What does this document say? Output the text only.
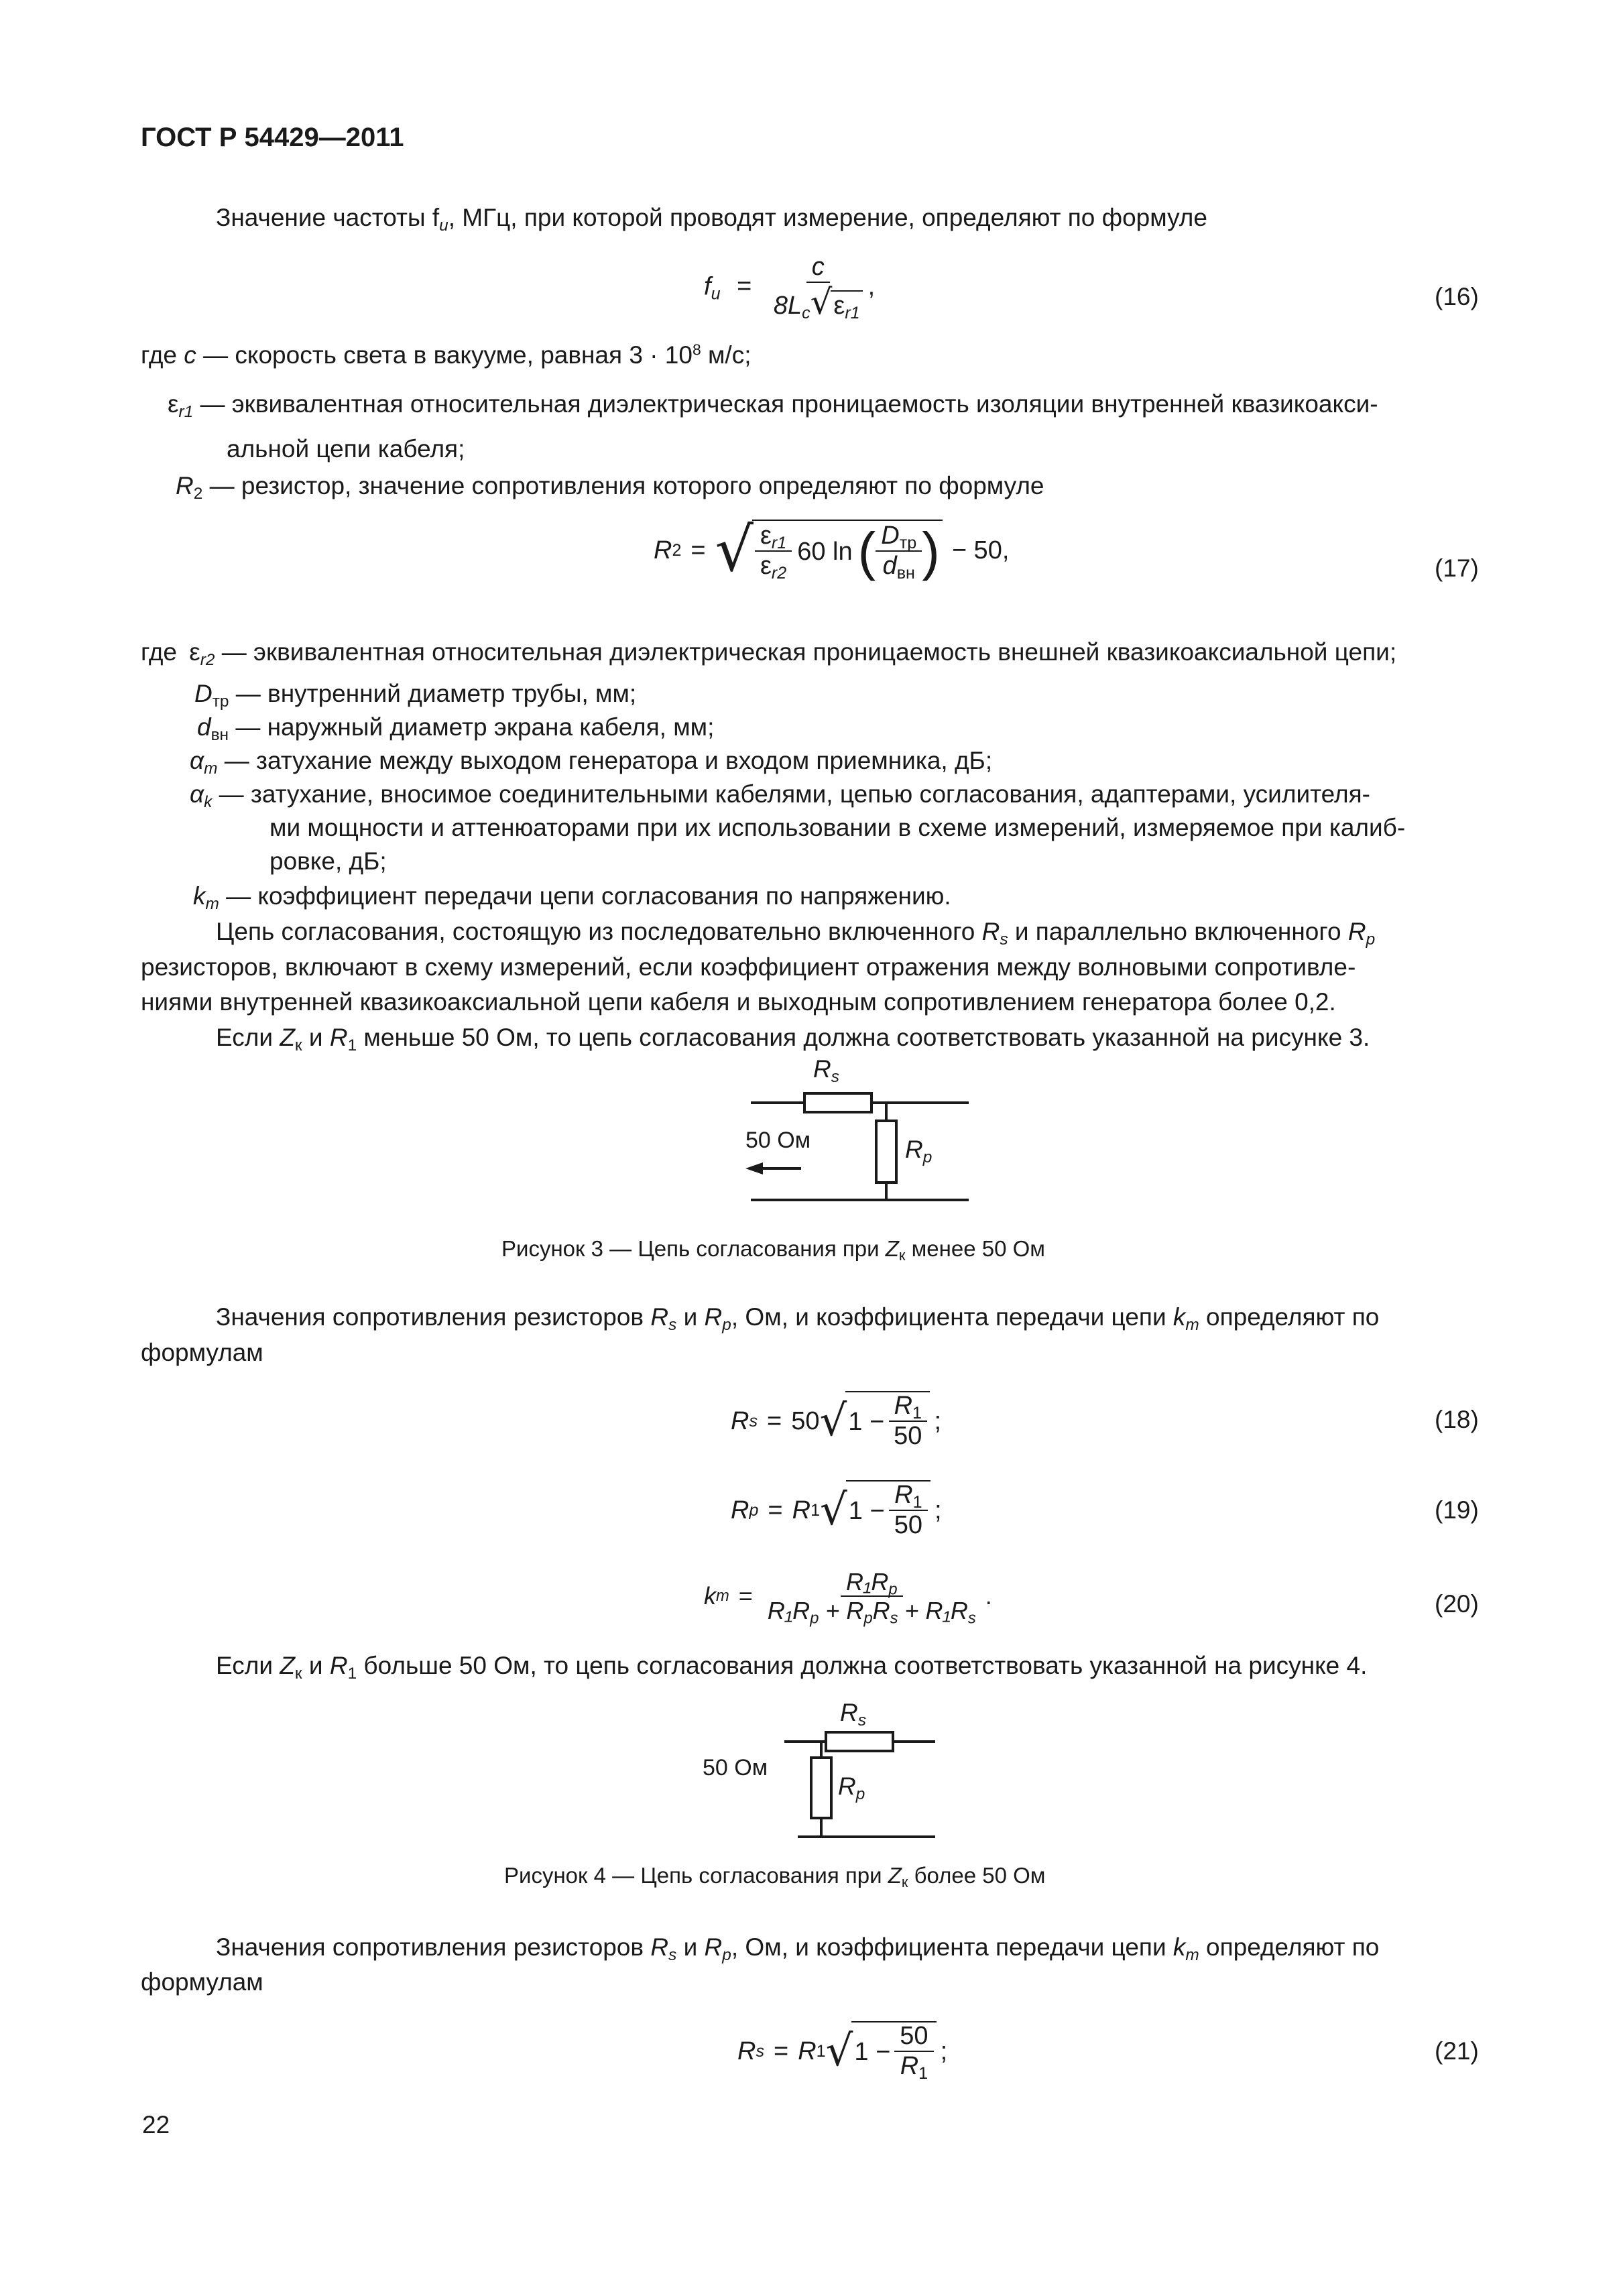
ГОСТ Р 54429—2011
Значение частоты $f_u$, МГц, при которой проводят измерение, определяют по формуле
$f_u = \frac{c}{8L_c√\varepsilon_{r1}}$ ,	(16)
где c — скорость света в вакууме, равная $3 \cdot 10^8$ м/с;
$\varepsilon_{r1}$ — эквивалентная относительная диэлектрическая проницаемость изоляции внутренней квазикоакси-
альной цепи кабеля;
$R_2$ — резистор, значение сопротивления которого определяют по формуле
R 2 = √ $\varepsilon_{r1}$
$\varepsilon_{r2}$
60 ln ( $D_{тр}$
$d_{вн}$ ) − 50,
(17)
где $\varepsilon_{r2}$ — эквивалентная относительная диэлектрическая проницаемость внешней квазикоаксиальной цепи;
$D_{тр}$ — внутренний диаметр трубы, мм;
$d_{вн}$ — наружный диаметр экрана кабеля, мм;
$\alpha_m$ — затухание между выходом генератора и входом приемника, дБ;
$\alpha_k$ — затухание, вносимое соединительными кабелями, цепью согласования, адаптерами, усилителя-
ми мощности и аттенюаторами при их использовании в схеме измерений, измеряемое при калиб-
ровке, дБ;
$k_m$ — коэффициент передачи цепи согласования по напряжению.
Цепь согласования, состоящую из последовательно включенного $R_s$ и параллельно включенного $R_p$
резисторов, включают в схему измерений, если коэффициент отражения между волновыми сопротивле-
ниями внутренней квазикоаксиальной цепи кабеля и выходным сопротивлением генератора более 0,2.
Если $Z_к$ и $R_1$ меньше 50 Ом, то цепь согласования должна соответствовать указанной на рисунке 3.
$R_s$
$R_p$
50 Ом
Рисунок 3 — Цепь согласования при $Z_к$ менее 50 Ом
Значения сопротивления резисторов $R_s$ и $R_p$, Ом, и коэффициента передачи цепи $k_m$ определяют по
формулам
R s = 50 √ $1 - \frac{R_1}{50}$ ;	(18)
R p = R 1 √ $1 - \frac{R_1}{50}$ ;	(19)
k m =
$R_1R_p$
$R_1R_p + R_pR_s + R_1R_s$
.	(20)
Если $Z_к$ и $R_1$ больше 50 Ом, то цепь согласования должна соответствовать указанной на рисунке 4.
$R_s$
$R_p$
50 Ом
Рисунок 4 — Цепь согласования при $Z_к$ более 50 Ом
Значения сопротивления резисторов $R_s$ и $R_p$, Ом, и коэффициента передачи цепи $k_m$ определяют по
формулам
R s = R 1 √ $1 - \frac{50}{R_1}$ ;	(21)
22
